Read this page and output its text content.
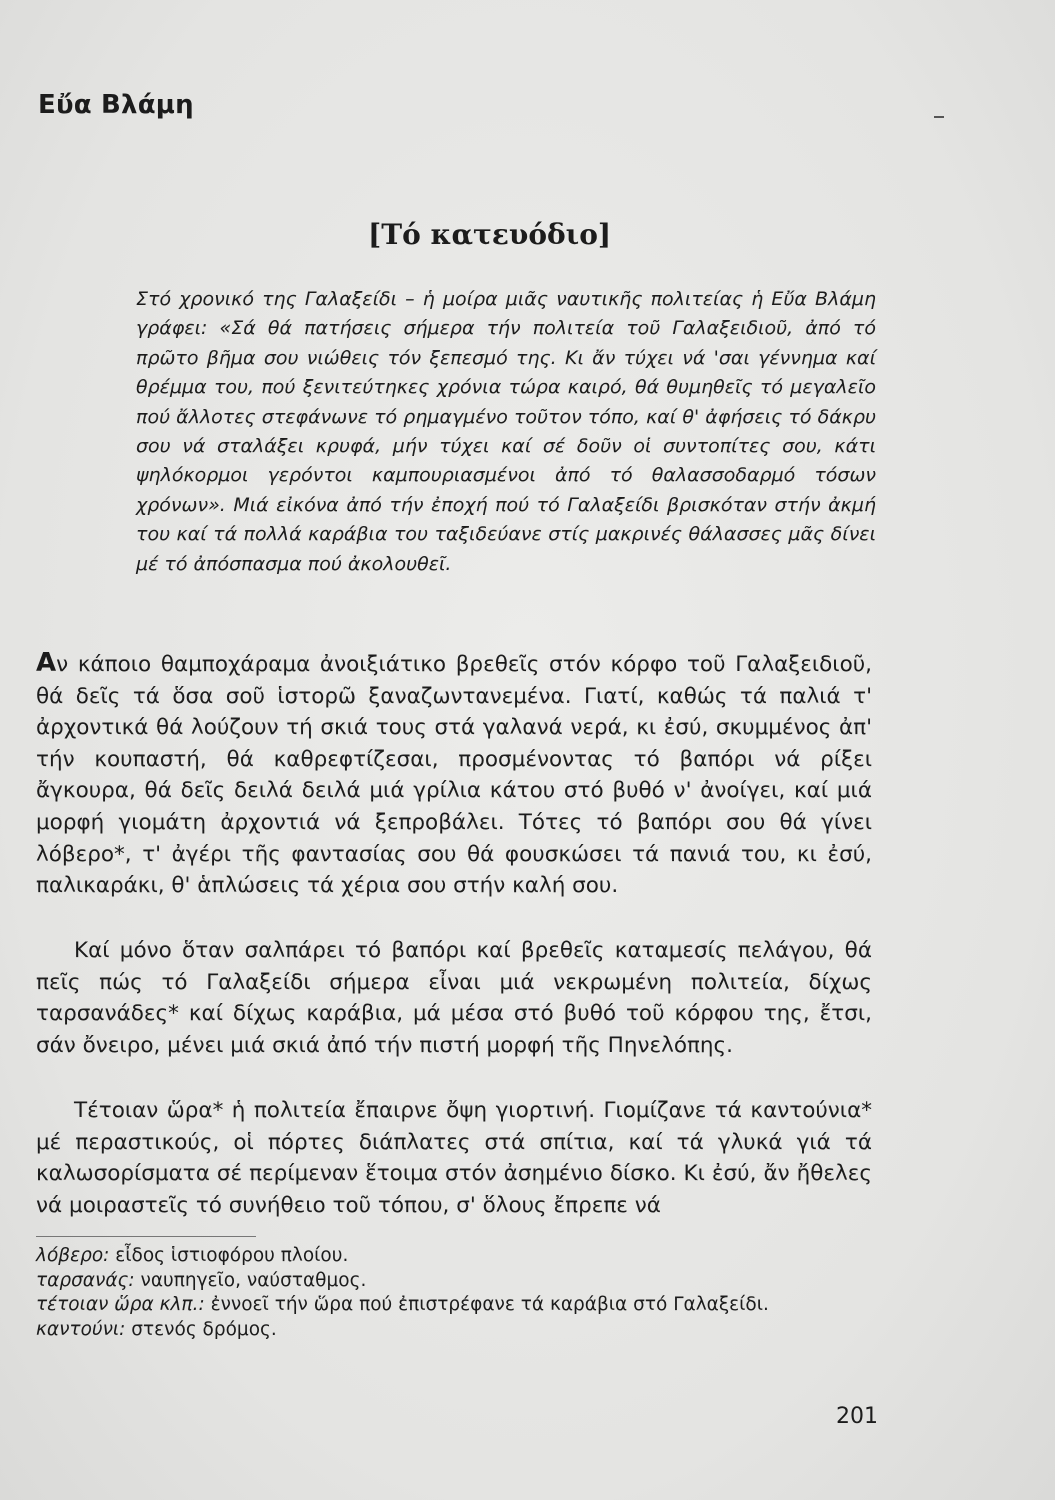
Εὔα Βλάμη
[Τό κατευόδιο]
Στό χρονικό της Γαλαξείδι – ἡ μοίρα μιᾶς ναυτικῆς πολιτείας ἡ Εὔα Βλάμη γράφει: «Σά θά πατήσεις σήμερα τήν πολιτεία τοῦ Γαλαξειδιοῦ, ἀπό τό πρῶτο βῆμα σου νιώθεις τόν ξεπεσμό της. Κι ἄν τύχει νά 'σαι γέννημα καί θρέμμα του, πού ξενιτεύτηκες χρόνια τώρα καιρό, θά θυμηθεῖς τό μεγαλεῖο πού ἄλλοτες στεφάνωνε τό ρημαγμένο τοῦτον τόπο, καί θ' ἀφήσεις τό δάκρυ σου νά σταλάξει κρυφά, μήν τύχει καί σέ δοῦν οἱ συντοπίτες σου, κάτι ψηλόκορμοι γερόντοι καμπουριασμένοι ἀπό τό θαλασσοδαρμό τόσων χρόνων». Μιά εἰκόνα ἀπό τήν ἐποχή πού τό Γαλαξείδι βρισκόταν στήν ἀκμή του καί τά πολλά καράβια του ταξιδεύανε στίς μακρινές θάλασσες μᾶς δίνει μέ τό ἀπόσπασμα πού ἀκολουθεῖ.

Αν κάποιο θαμποχάραμα ἀνοιξιάτικο βρεθεῖς στόν κόρφο τοῦ Γαλαξειδιοῦ, θά δεῖς τά ὅσα σοῦ ἱστορῶ ξαναζωντανεμένα. Γιατί, καθώς τά παλιά τ' ἀρχοντικά θά λούζουν τή σκιά τους στά γαλανά νερά, κι ἐσύ, σκυμμένος ἀπ' τήν κουπαστή, θά καθρεφτίζεσαι, προσμένοντας τό βαπόρι νά ρίξει ἄγκουρα, θά δεῖς δειλά δειλά μιά γρίλια κάτου στό βυθό ν' ἀνοίγει, καί μιά μορφή γιομάτη ἀρχοντιά νά ξεπροβάλει. Τότες τό βαπόρι σου θά γίνει λόβερο*, τ' ἀγέρι τῆς φαντασίας σου θά φουσκώσει τά πανιά του, κι ἐσύ, παλικαράκι, θ' ἁπλώσεις τά χέρια σου στήν καλή σου.

Καί μόνο ὅταν σαλπάρει τό βαπόρι καί βρεθεῖς καταμεσίς πελάγου, θά πεῖς πώς τό Γαλαξείδι σήμερα εἶναι μιά νεκρωμένη πολιτεία, δίχως ταρσανάδες* καί δίχως καράβια, μά μέσα στό βυθό τοῦ κόρφου της, ἔτσι, σάν ὄνειρο, μένει μιά σκιά ἀπό τήν πιστή μορφή τῆς Πηνελόπης.

Τέτοιαν ὥρα* ἡ πολιτεία ἔπαιρνε ὄψη γιορτινή. Γιομίζανε τά καντούνια* μέ περαστικούς, οἱ πόρτες διάπλατες στά σπίτια, καί τά γλυκά γιά τά καλωσορίσματα σέ περίμεναν ἕτοιμα στόν ἀσημένιο δίσκο. Κι ἐσύ, ἄν ἤθελες νά μοιραστεῖς τό συνήθειο τοῦ τόπου, σ' ὅλους ἔπρεπε νά

λόβερο: εἶδος ἱστιοφόρου πλοίου.
ταρσανάς: ναυπηγεῖο, ναύσταθμος.
τέτοιαν ὥρα κλπ.: ἐννοεῖ τήν ὥρα πού ἐπιστρέφανε τά καράβια στό Γαλαξείδι.
καντούνι: στενός δρόμος.
201
